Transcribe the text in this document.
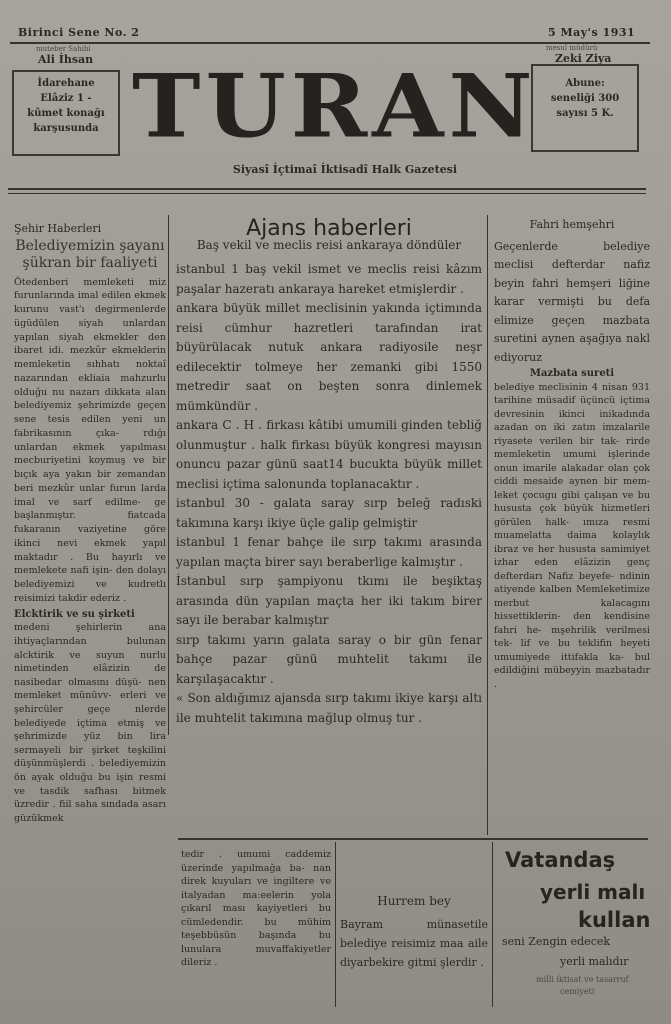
Birinci Sene No. 2	5 May's 1931
muteber Sahibi
Ali İhsan
mesul müdürü
Zeki Ziya
İdarehane
Elâziz 1 -
kûmet konağı
karşusunda
Abune:
seneliği 300
sayısı 5 K.
TURAN
Siyasî İçtimaî İktisadî Halk Gazetesi
Şehir Haberleri
Belediyemizin şayanı şükran bir faaliyeti

Ötedenberi memleketi miz furunlarında imal edilen ekmek kurunu vast'ı degirmenlerde ügüdülen siyah unlardan yapılan siyah ekmekler den ibaret idi. mezkûr ekmeklerin memleketin sıhhatı noktaî nazarından ekliaia mahzurlu olduğu nu nazarı dikkata alan belediyemiz şehrimizde geçen sene tesis edilen yeni un fabrikasının çıka- rdığı unlardan ekmek yapılması mecburiyetini koymuş ve bir bıçık aya yakın bir zemandan beri mezkûr unlar furun larda imal ve sarf edilme- ge başlanmıştır. fiatcada fukaranın vaziyetine göre ikinci nevi ekmek yapıl maktadır . Bu hayırlı ve memlekete nafi işin- den dolayı belediyemizi ve kudretlı reisimizi takdir ederiz .

Elcktirik ve su şirketi

medeni şehirlerin ana ihtiyaçlarından bulunan alcktirik ve suyun nurlu nimetinden elâzizin de nasibedar olmasını düşü- nen memleket münüvv- erleri ve şehircüler geçe nlerde belediyede içtima etmiş ve şehrimizde yüz bin lira sermayeli bir şirket teşkilini düşünmüşlerdi . belediyemizin ön ayak olduğu bu işin resmi ve tasdik safhası bitmek üzredir . fiil saha sındada asarı güzükmek

Ajans haberleri
Baş vekil ve meclis reisi ankaraya döndüler

istanbul 1 baş vekil ismet ve meclis reisi kâzım paşalar hazeratı ankaraya hareket etmişlerdir .

ankara büyük millet meclisinin yakında içtimında reisi cümhur hazretleri tarafından irat büyürülacak nutuk ankara radiyosile neşr edilecektir tolmeye her zemanki gibi 1550 metredir saat on beşten sonra dinlemek mümkündür .

ankara C . H . firkası kâtibi umumili ginden tebliğ olunmuştur . halk firkası büyük kongresi mayısın onuncu pazar günü saat14 bucukta büyük millet meclisi içtima salonunda toplanacaktır .

istanbul 30 - galata saray sırp beleğ radıski takımına karşı ikiye üçle galip gelmiştir

istanbul 1 fenar bahçe ile sırp takımı arasında yapılan maçta birer sayı beraberlige kalmıştır .

İstanbul sırp şampiyonu tkımı ile beşiktaş arasında dün yapılan maçta her iki takım birer sayı ile berabar kalmıştır

sırp takımı yarın galata saray o bir gün fenar bahçe pazar günü muhtelit takımı ile karşılaşacaktır .

« Son aldığımız ajansda sırp takımı ikiye karşı altı ile muhtelit takımına mağlup olmuş tur .

Fahri hemşehri

Geçenlerde belediye meclisi defterdar nafiz beyin fahri hemşeri liğine karar vermişti bu defa elimize geçen mazbata suretini aynen aşağıya nakl ediyoruz

Mazbata sureti

belediye meclisinin 4 nisan 931 tarihine müsadif üçüncü içtima devresinin ikinci inikadında azadan on iki zatın imzalarile riyasete verilen bir tak- rirde memleketin umumi işlerinde onun imarile alakadar olan çok ciddi mesaide aynen bir mem- leket çocugu gibi çalışan ve bu hususta çok büyük hizmetleri görülen halk- ımıza resmi muamelatta daima kolaylık ibraz ve her hususta samimiyet izhar eden elâzizin genç defterdarı Nafiz beyefe- ndinin atiyende kalben Memleketimize merbut kalacagını hissettiklerin- den kendisine fahri he- mşehrilik verilmesi tek- lif ve bu teklifin heyeti umumiyede ittifakla ka- bul edildiğini mübeyyin mazbatadır .

tedir . umumi caddemiz üzerinde yapılmağa ba- nan direk kuyuları ve ingiltere ve italyadan ma:eelerin yola çıkarıl ması kayiyetleri bu cümledendir. bu mühim teşebbüsün başında bu lunulara muvaffakiyetler dileriz .

Hurrem bey

Bayram münasetile belediye reisimiz maa aile diyarbekire gitmi şlerdir .

Vatandaş
yerli malı
kullan
seni Zengin edecek
yerli malıdır
milli iktisat ve tasarruf
cemiyeti
